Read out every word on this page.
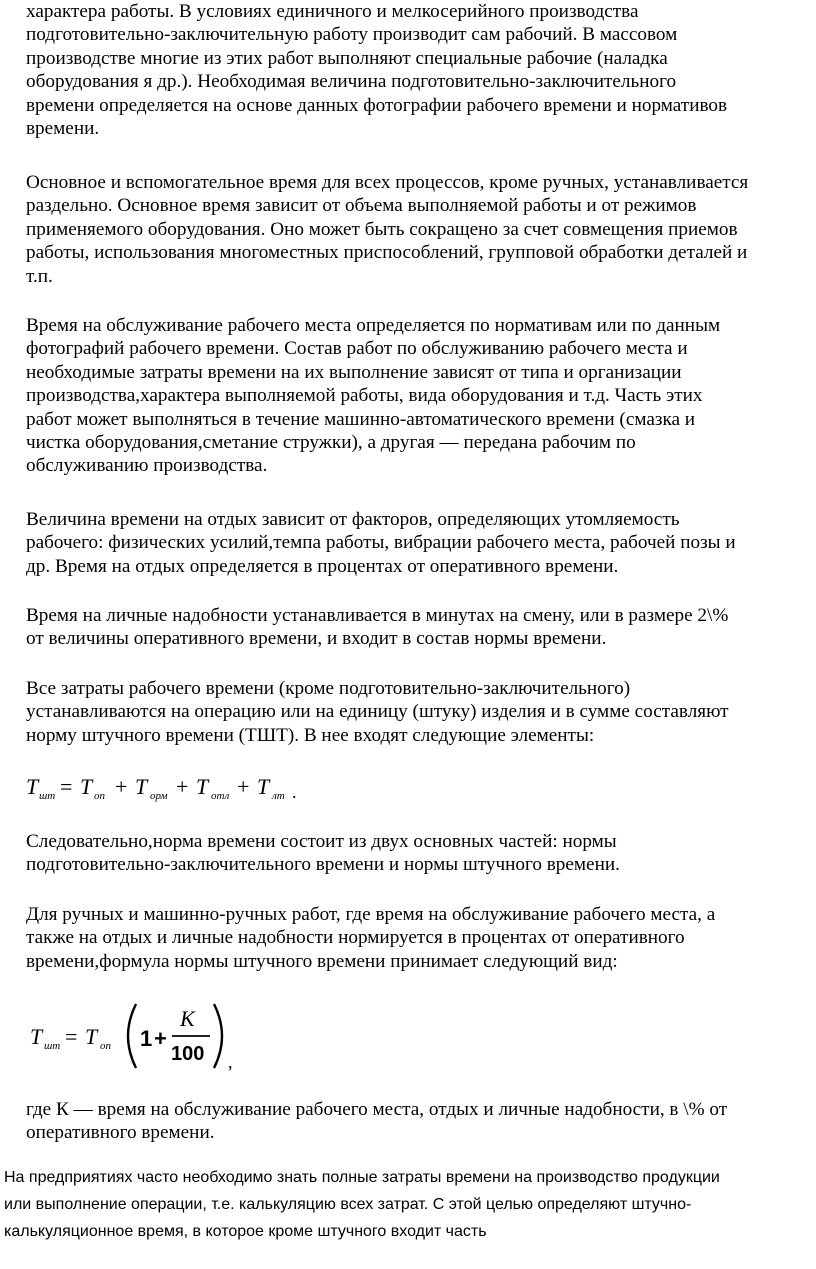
характера работы. В условиях единичного и мелкосерийного производства
подготовительно-заключительную работу производит сам рабочий. В массовом
производстве многие из этих работ выполняют специальные рабочие (наладка
оборудования я др.). Необходимая величина подготовительно-заключительного
времени определяется на основе данных фотографии рабочего времени и нормативов
времени.

Основное и вспомогательное время для всех процессов, кроме ручных, устанавливается
раздельно. Основное время зависит от объема выполняемой работы и от режимов
применяемого оборудования. Оно может быть сокращено за счет совмещения приемов
работы, использования многоместных приспособлений, групповой обработки деталей и
т.п.

Время на обслуживание рабочего места определяется по нормативам или по данным
фотографий рабочего времени. Состав работ по обслуживанию рабочего места и
необходимые затраты времени на их выполнение зависят от типа и организации
производства,характера выполняемой работы, вида оборудования и т.д. Часть этих
работ может выполняться в течение машинно-автоматического времени (смазка и
чистка оборудования,сметание стружки), а другая — передана рабочим по
обслуживанию производства.

Величина времени на отдых зависит от факторов, определяющих утомляемость
рабочего: физических усилий,темпа работы, вибрации рабочего места, рабочей позы и
др. Время на отдых определяется в процентах от оперативного времени.

Время на личные надобности устанавливается в минутах на смену, или в размере 2\%
от величины оперативного времени, и входит в состав нормы времени.

Все затраты рабочего времени (кроме подготовительно-заключительного)
устанавливаются на операцию или на единицу (штуку) изделия и в сумме составляют
норму штучного времени (ТШТ). В нее входят следующие элементы:

T шт = T оп + T орм + T отл + T лт .

Следовательно,норма времени состоит из двух основных частей: нормы
подготовительно-заключительного времени и нормы штучного времени.

Для ручных и машинно-ручных работ, где время на обслуживание рабочего места, а
также на отдых и личные надобности нормируется в процентах от оперативного
времени,формула нормы штучного времени принимает следующий вид:

T шт = T оп 1 +
K
100 ,

где К — время на обслуживание рабочего места, отдых и личные надобности, в \% от
оперативного времени.

На предприятиях часто необходимо знать полные затраты времени на производство продукции
или выполнение операции, т.е. калькуляцию всех затрат. С этой целью определяют штучно-
калькуляционное время, в которое кроме штучного входит часть
